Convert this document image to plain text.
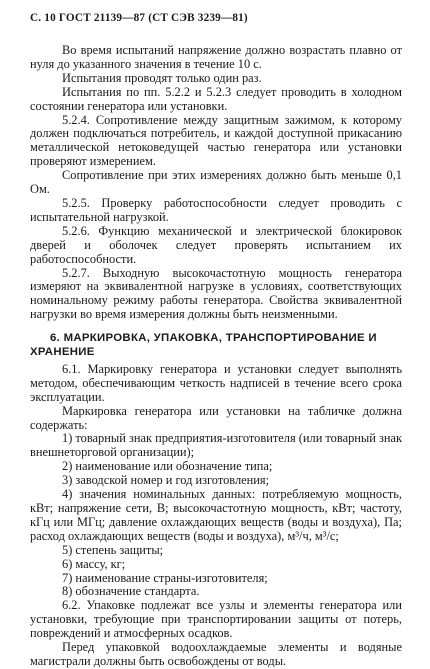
С. 10 ГОСТ 21139—87 (СТ СЭВ 3239—81)

Во время испытаний напряжение должно возрастать плавно от нуля до указанного значения в течение 10 с.

Испытания проводят только один раз.

Испытания по пп. 5.2.2 и 5.2.3 следует проводить в холодном состоянии генератора или установки.

5.2.4. Сопротивление между защитным зажимом, к которому должен подключаться потребитель, и каждой доступной прикасанию металлической нетоковедущей частью генератора или установки проверяют измерением.

Сопротивление при этих измерениях должно быть меньше 0,1 Ом.

5.2.5. Проверку работоспособности следует проводить с испытательной нагрузкой.

5.2.6. Функцию механической и электрической блокировок дверей и оболочек следует проверять испытанием их работоспособности.

5.2.7. Выходную высокочастотную мощность генератора измеряют на эквивалентной нагрузке в условиях, соответствующих номинальному режиму работы генератора. Свойства эквивалентной нагрузки во время измерения должны быть неизменными.

6. МАРКИРОВКА, УПАКОВКА, ТРАНСПОРТИРОВАНИЕ И ХРАНЕНИЕ

6.1. Маркировку генератора и установки следует выполнять методом, обеспечивающим четкость надписей в течение всего срока эксплуатации.

Маркировка генератора или установки на табличке должна содержать:

1) товарный знак предприятия-изготовителя (или товарный знак внешнеторговой организации);

2) наименование или обозначение типа;

3) заводской номер и год изготовления;

4) значения номинальных данных: потребляемую мощность, кВт; напряжение сети, В; высокочастотную мощность, кВт; частоту, кГц или МГц; давление охлаждающих веществ (воды и воздуха), Па; расход охлаждающих веществ (воды и воздуха), м³/ч, м³/с;

5) степень защиты;

6) массу, кг;

7) наименование страны-изготовителя;

8) обозначение стандарта.

6.2. Упаковке подлежат все узлы и элементы генератора или установки, требующие при транспортировании защиты от потерь, повреждений и атмосферных осадков.

Перед упаковкой водоохлаждаемые элементы и водяные магистрали должны быть освобождены от воды.
